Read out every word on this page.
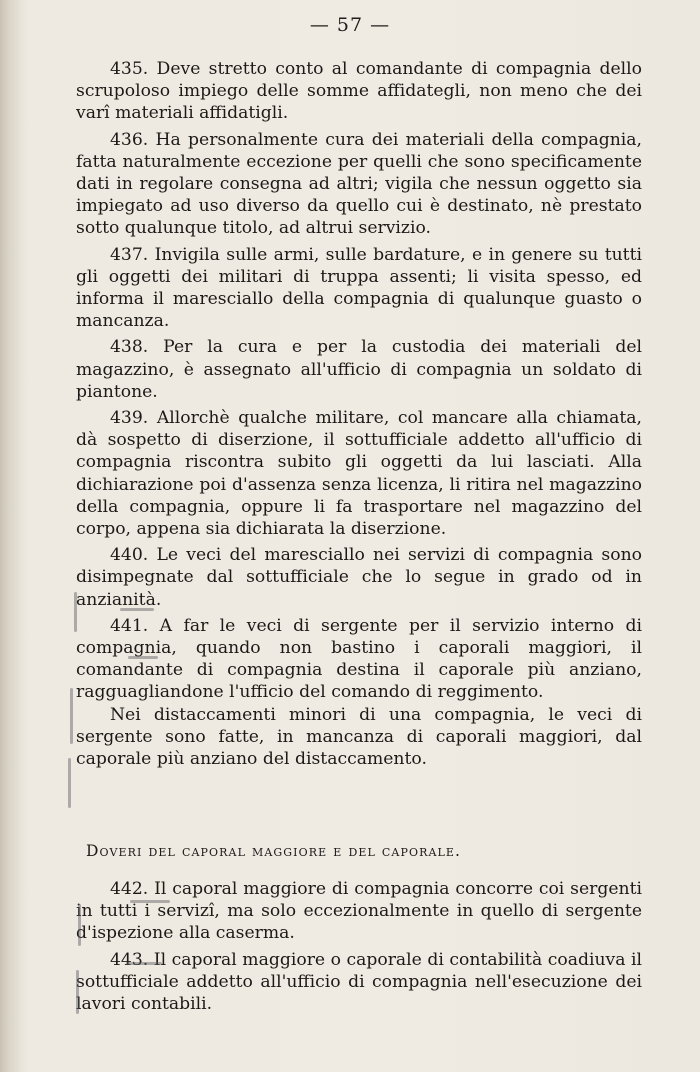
— 57 —

435. Deve stretto conto al comandante di compagnia dello scrupoloso impiego delle somme affidategli, non meno che dei varî materiali affidatigli.

436. Ha personalmente cura dei materiali della compagnia, fatta naturalmente eccezione per quelli che sono specificamente dati in regolare consegna ad altri; vigila che nessun oggetto sia impiegato ad uso diverso da quello cui è destinato, nè prestato sotto qualunque titolo, ad altrui servizio.

437. Invigila sulle armi, sulle bardature, e in genere su tutti gli oggetti dei militari di truppa assenti; li visita spesso, ed informa il maresciallo della compagnia di qualunque guasto o mancanza.

438. Per la cura e per la custodia dei materiali del magazzino, è assegnato all'ufficio di compagnia un soldato di piantone.

439. Allorchè qualche militare, col mancare alla chiamata, dà sospetto di diserzione, il sottufficiale addetto all'ufficio di compagnia riscontra subito gli oggetti da lui lasciati. Alla dichiarazione poi d'assenza senza licenza, li ritira nel magazzino della compagnia, oppure li fa trasportare nel magazzino del corpo, appena sia dichiarata la diserzione.

440. Le veci del maresciallo nei servizi di compagnia sono disimpegnate dal sottufficiale che lo segue in grado od in anzianità.

441. A far le veci di sergente per il servizio interno di compagnia, quando non bastino i caporali maggiori, il comandante di compagnia destina il caporale più anziano, ragguagliandone l'ufficio del comando di reggimento.

Nei distaccamenti minori di una compagnia, le veci di sergente sono fatte, in mancanza di caporali maggiori, dal caporale più anziano del distaccamento.

Doveri del caporal maggiore e del caporale.

442. Il caporal maggiore di compagnia concorre coi sergenti in tutti i servizî, ma solo eccezionalmente in quello di sergente d'ispezione alla caserma.

443. Il caporal maggiore o caporale di contabilità coadiuva il sottufficiale addetto all'ufficio di compagnia nell'esecuzione dei lavori contabili.
